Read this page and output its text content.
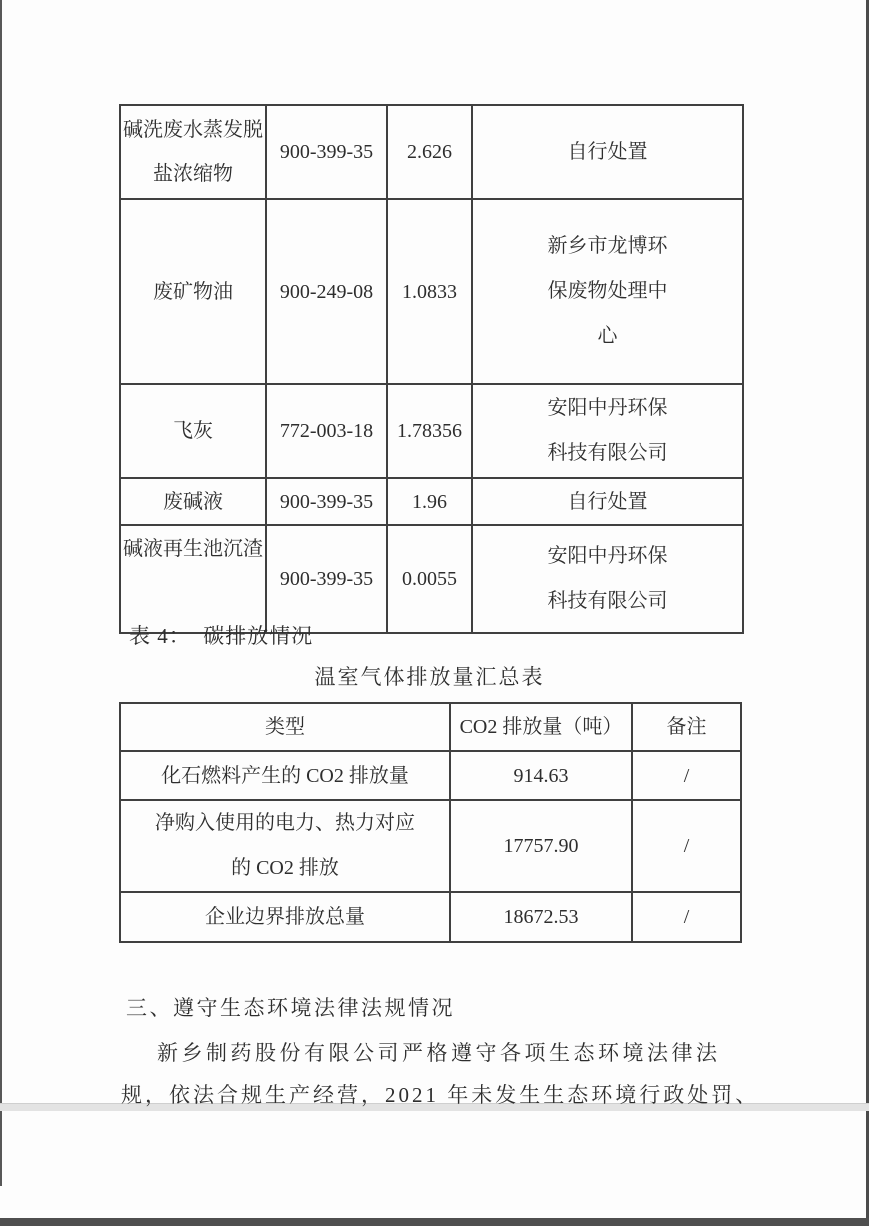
碱洗废水蒸发脱盐浓缩物	900-399-35	2.626	自行处置
废矿物油	900-249-08	1.0833	新乡市龙博环保废物处理中心
飞灰	772-003-18	1.78356	安阳中丹环保科技有限公司
废碱液	900-399-35	1.96	自行处置
碱液再生池沉渣	900-399-35	0.0055	安阳中丹环保科技有限公司
表 4：  碳排放情况
温室气体排放量汇总表
类型	CO2 排放量（吨）	备注
化石燃料产生的 CO2 排放量	914.63	/
净购入使用的电力、热力对应的 CO2 排放	17757.90	/
企业边界排放总量	18672.53	/
三、遵守生态环境法律法规情况
新乡制药股份有限公司严格遵守各项生态环境法律法
规，依法合规生产经营，2021 年未发生生态环境行政处罚、
